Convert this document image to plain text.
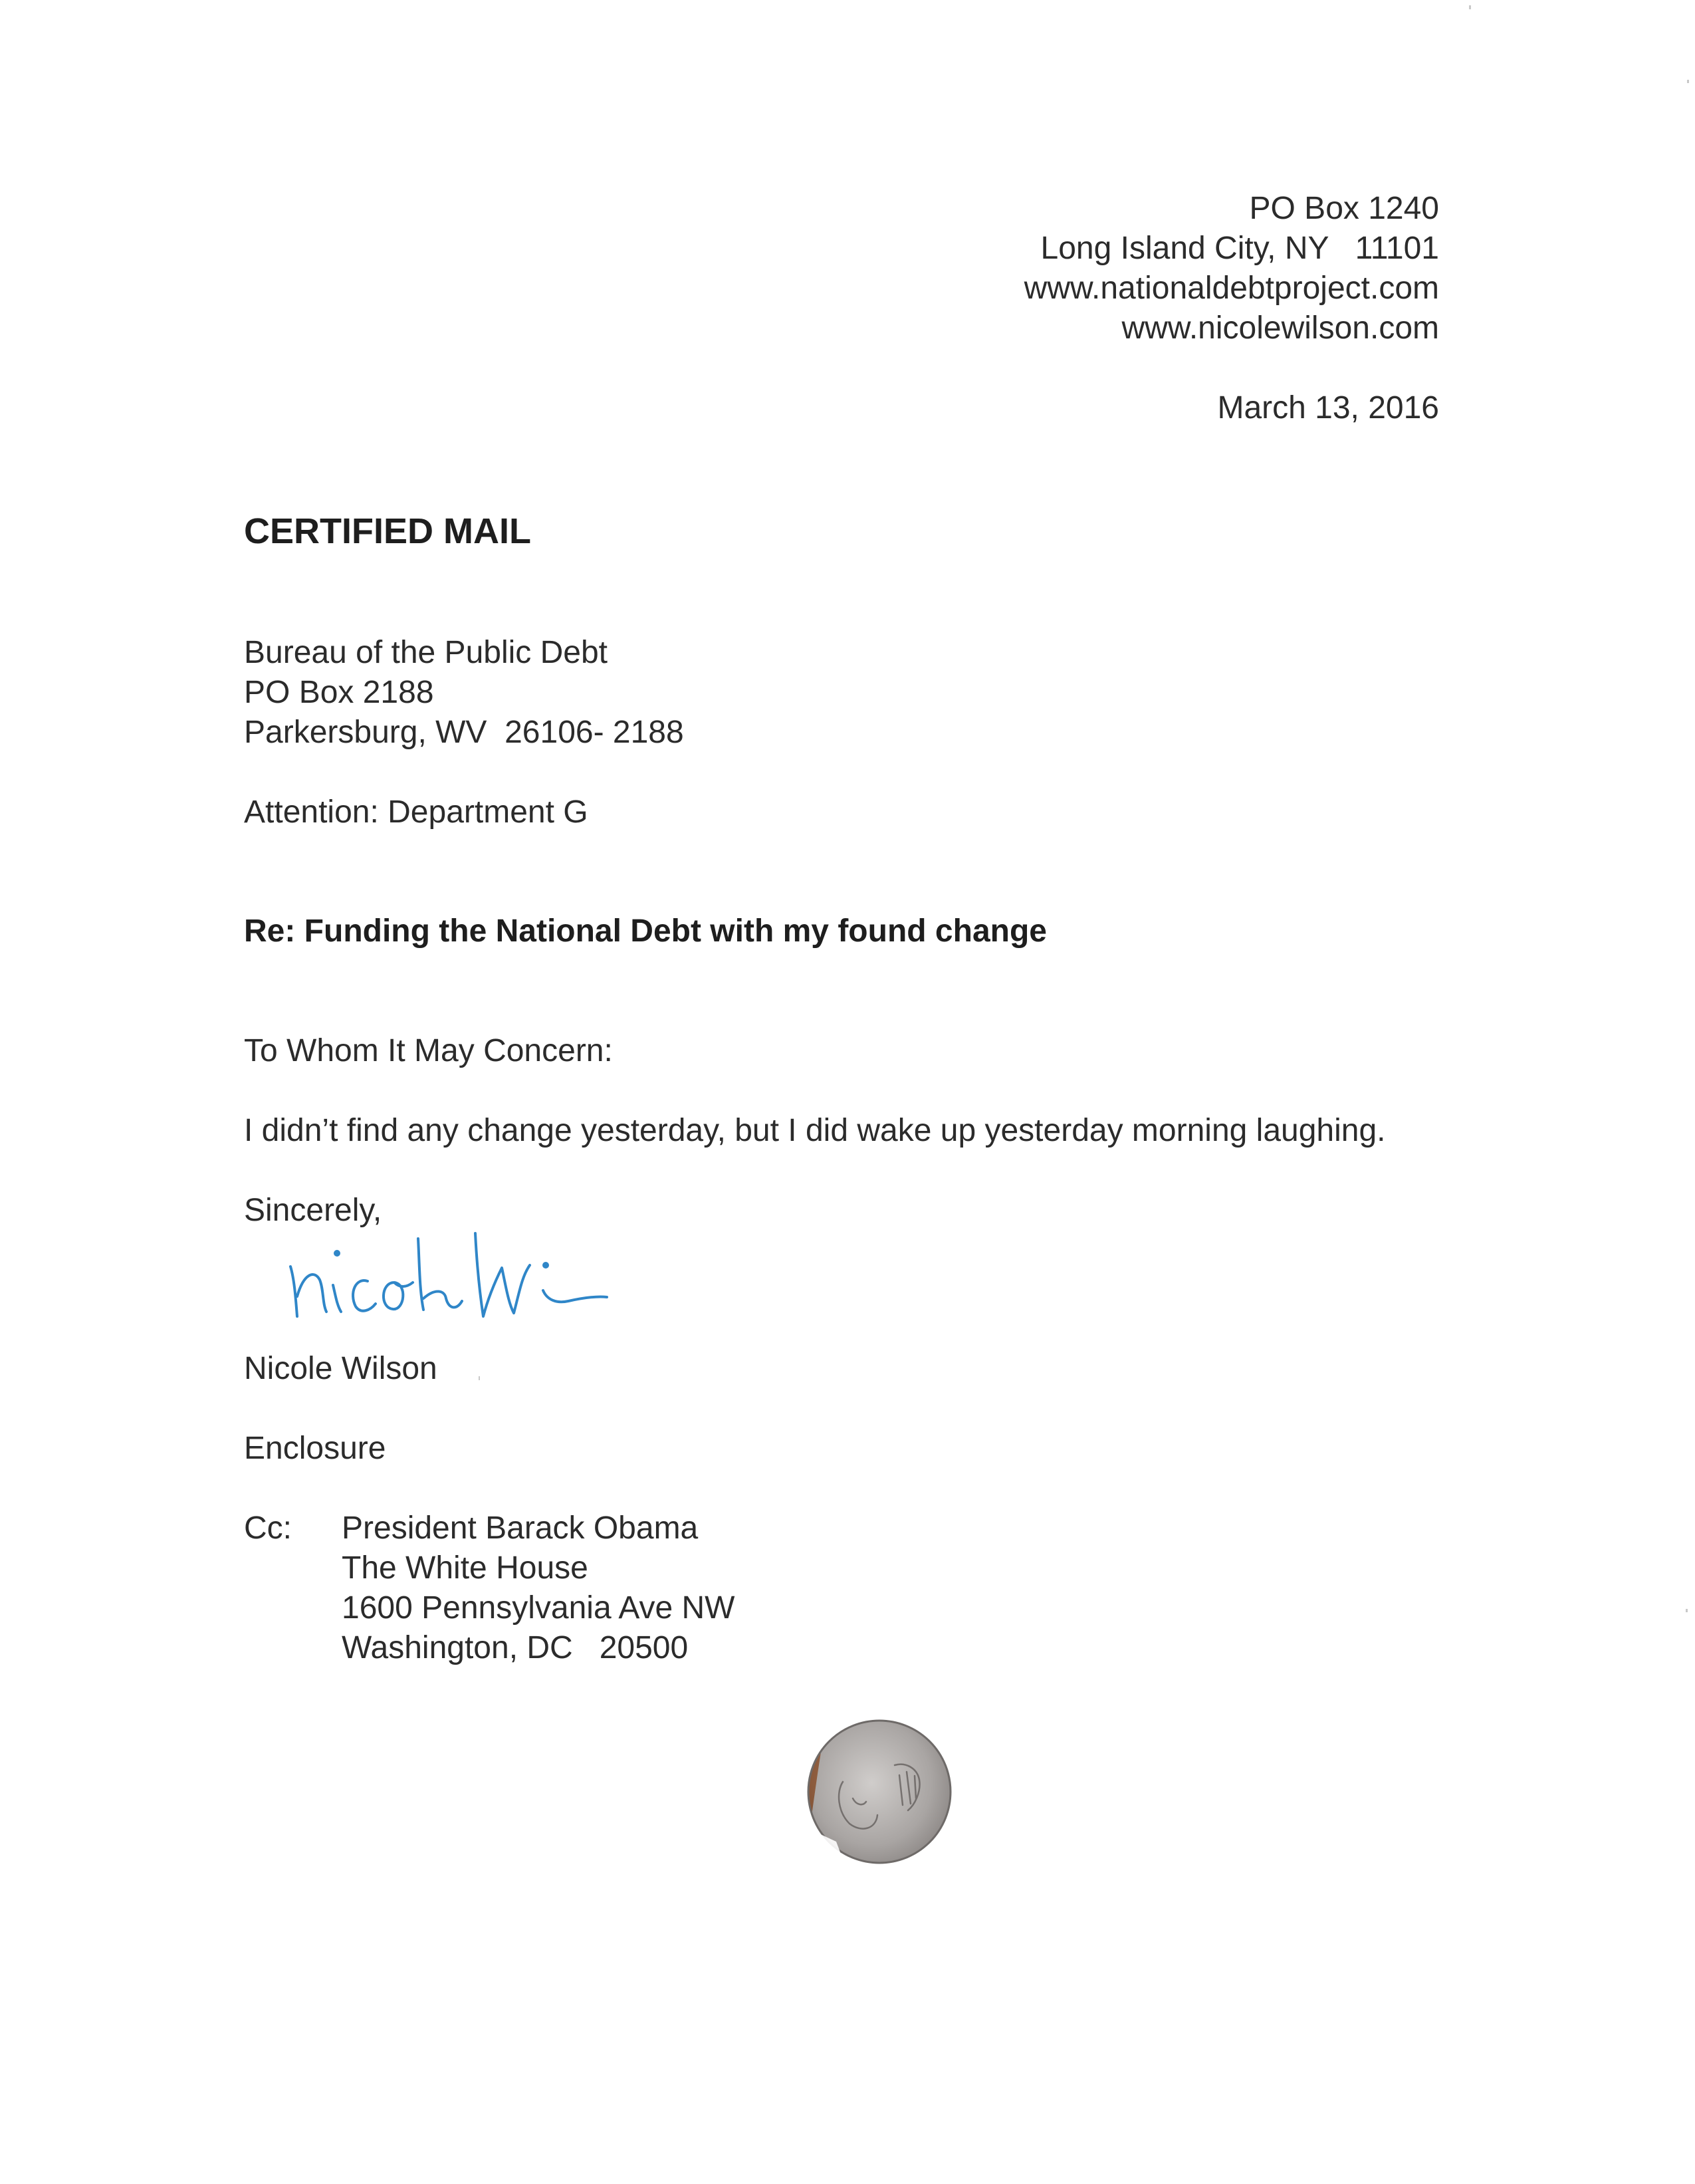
PO Box 1240
Long Island City, NY   11101
www.nationaldebtproject.com
www.nicolewilson.com
March 13, 2016
CERTIFIED MAIL
Bureau of the Public Debt
PO Box 2188
Parkersburg, WV  26106- 2188
Attention: Department G
Re: Funding the National Debt with my found change
To Whom It May Concern:
I didn’t find any change yesterday, but I did wake up yesterday morning laughing.
Sincerely,
Nicole Wilson
Enclosure
Cc: President Barack Obama
The White House
1600 Pennsylvania Ave NW
Washington, DC   20500
